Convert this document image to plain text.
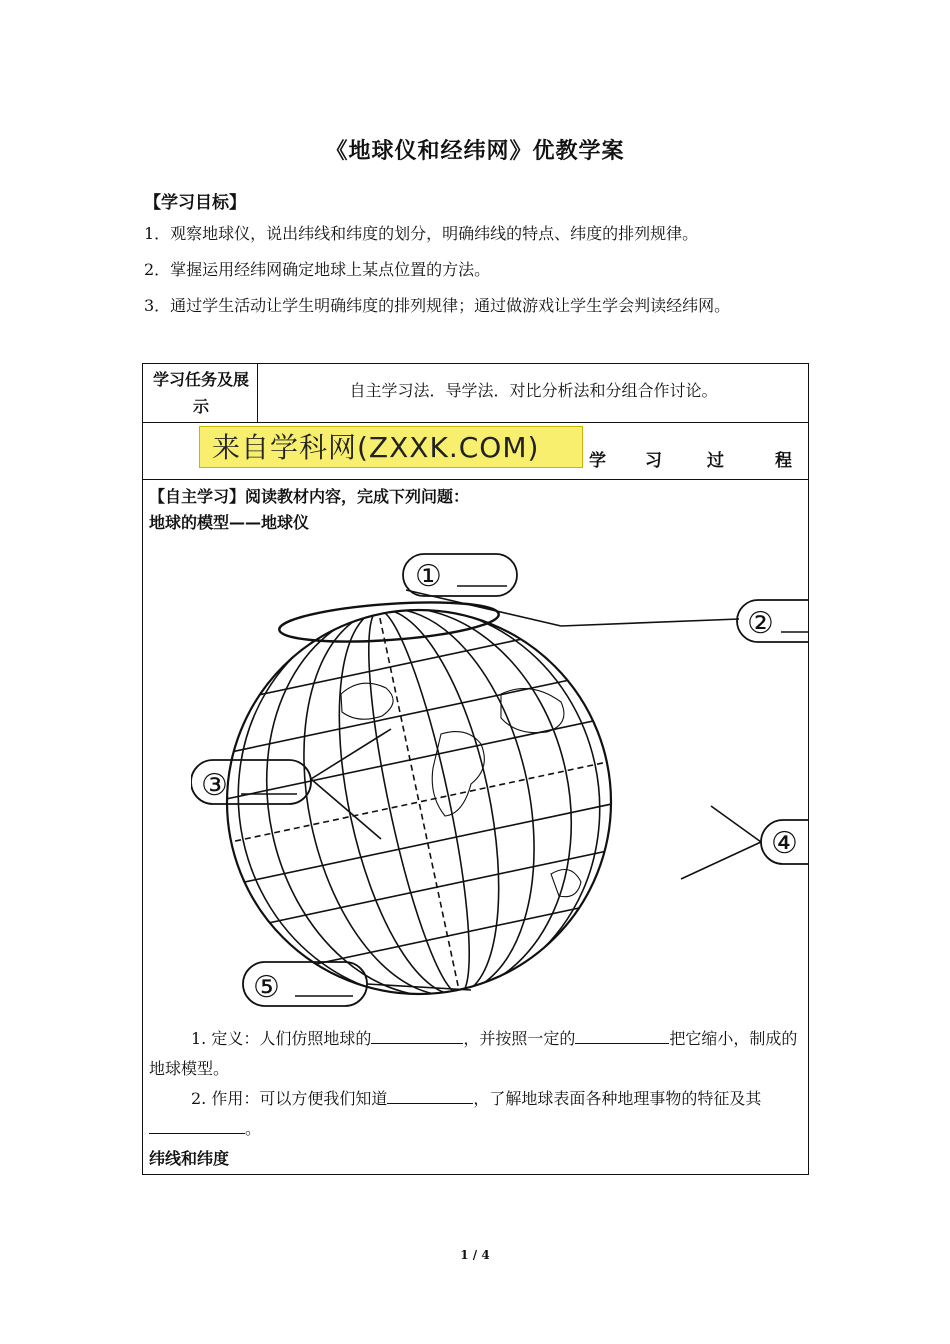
《地球仪和经纬网》优教学案
【学习目标】
1．观察地球仪，说出纬线和纬度的划分，明确纬线的特点、纬度的排列规律。
2．掌握运用经纬网确定地球上某点位置的方法。
3．通过学生活动让学生明确纬度的排列规律；通过做游戏让学生学会判读经纬网。
学习任务及展示
自主学习法．导学法．对比分析法和分组合作讨论。
来自学科网(ZXXK.COM)	学 习	过	程
【自主学习】阅读教材内容，完成下列问题：
地球的模型——地球仪
①
②
③
④
⑤
1. 定义：人们仿照地球的	，并按照一定的	把它缩小，制成的地球模型。
2. 作用：可以方便我们知道	，了解地球表面各种地理事物的特征及其。
纬线和纬度
1 / 4
